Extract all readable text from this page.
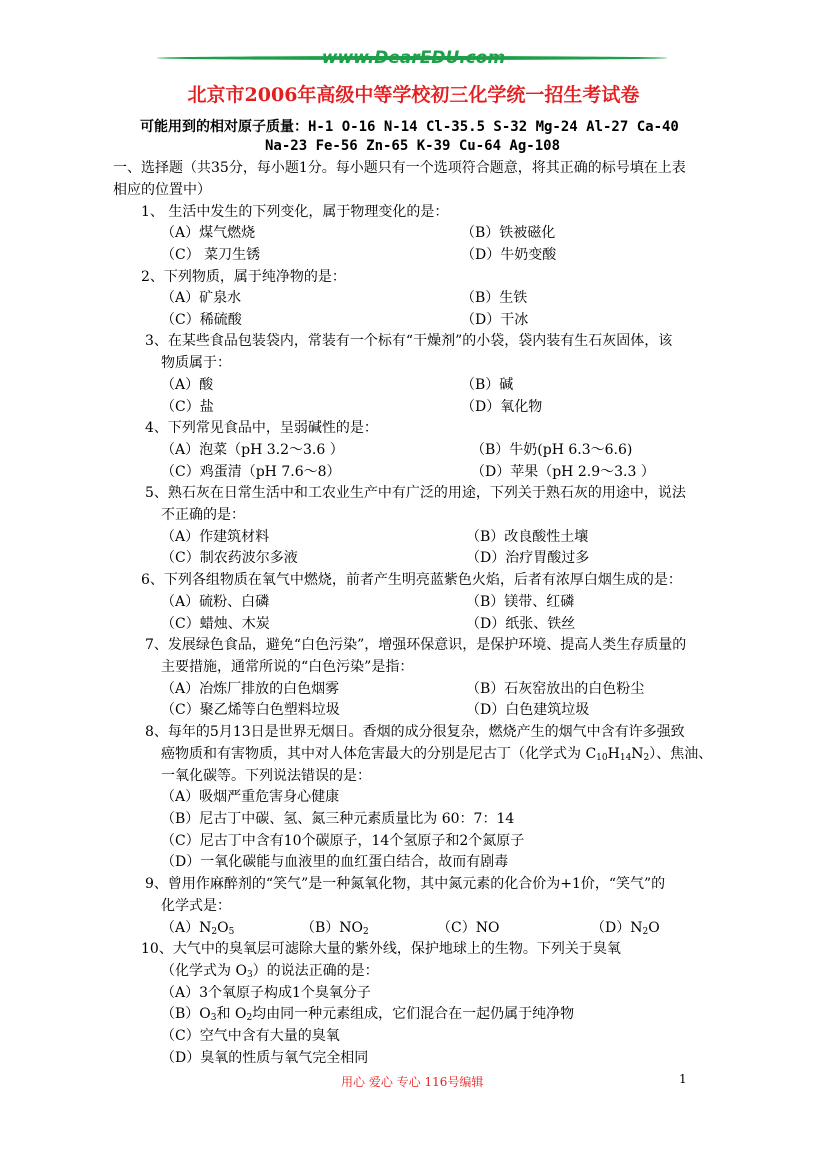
www.DearEDU.com
北京市2006年高级中等学校初三化学统一招生考试卷
可能用到的相对原子质量：H-1 O-16 N-14 Cl-35.5 S-32 Mg-24 Al-27 Ca-40
Na-23 Fe-56 Zn-65 K-39 Cu-64 Ag-108
一、选择题（共35分，每小题1分。每小题只有一个选项符合题意，将其正确的标号填在上表
相应的位置中）
1、 生活中发生的下列变化，属于物理变化的是：
（A）煤气燃烧	（B）铁被磁化
（C） 菜刀生锈	（D）牛奶变酸
2、下列物质，属于纯净物的是：
（A）矿泉水	（B）生铁
（C）稀硫酸	（D）干冰
3、在某些食品包装袋内，常装有一个标有“干燥剂”的小袋，袋内装有生石灰固体，该
物质属于：
（A）酸	（B）碱
（C）盐	（D）氧化物
4、下列常见食品中，呈弱碱性的是：
（A）泡菜（pH 3.2～3.6 ）	（B）牛奶(pH 6.3～6.6)
（C）鸡蛋清（pH 7.6～8）	（D）苹果（pH 2.9～3.3 ）
5、熟石灰在日常生活中和工农业生产中有广泛的用途，下列关于熟石灰的用途中，说法
不正确的是：
（A）作建筑材料	（B）改良酸性土壤
（C）制农药波尔多液	（D）治疗胃酸过多
6、下列各组物质在氧气中燃烧，前者产生明亮蓝紫色火焰，后者有浓厚白烟生成的是：
（A）硫粉、白磷	（B）镁带、红磷
（C）蜡烛、木炭	（D）纸张、铁丝
7、发展绿色食品，避免“白色污染”，增强环保意识，是保护环境、提高人类生存质量的
主要措施，通常所说的“白色污染”是指：
（A）冶炼厂排放的白色烟雾	（B）石灰窑放出的白色粉尘
（C）聚乙烯等白色塑料垃圾	（D）白色建筑垃圾
8、每年的5月13日是世界无烟日。香烟的成分很复杂，燃烧产生的烟气中含有许多强致
癌物质和有害物质，其中对人体危害最大的分别是尼古丁（化学式为 $C_{10}H_{14}N_2$）、焦油、
一氧化碳等。下列说法错误的是：
（A）吸烟严重危害身心健康
（B）尼古丁中碳、氢、氮三种元素质量比为 60：7：14
（C）尼古丁中含有10个碳原子，14个氢原子和2个氮原子
（D）一氧化碳能与血液里的血红蛋白结合，故而有剧毒
9、曾用作麻醉剂的“笑气”是一种氮氧化物，其中氮元素的化合价为+1价，“笑气”的
化学式是：
$(A)N_2O_5$	$(B)NO_2$	（C）NO	$(D)N_2O$
10、大气中的臭氧层可滤除大量的紫外线，保护地球上的生物。下列关于臭氧
（化学式为 $O_3$）的说法正确的是：
（A）3个氧原子构成1个臭氧分子
$(B)O_3$和 $O_2$均由同一种元素组成，它们混合在一起仍属于纯净物
（C）空气中含有大量的臭氧
（D）臭氧的性质与氧气完全相同
用心 爱心 专心 116号编辑	1
